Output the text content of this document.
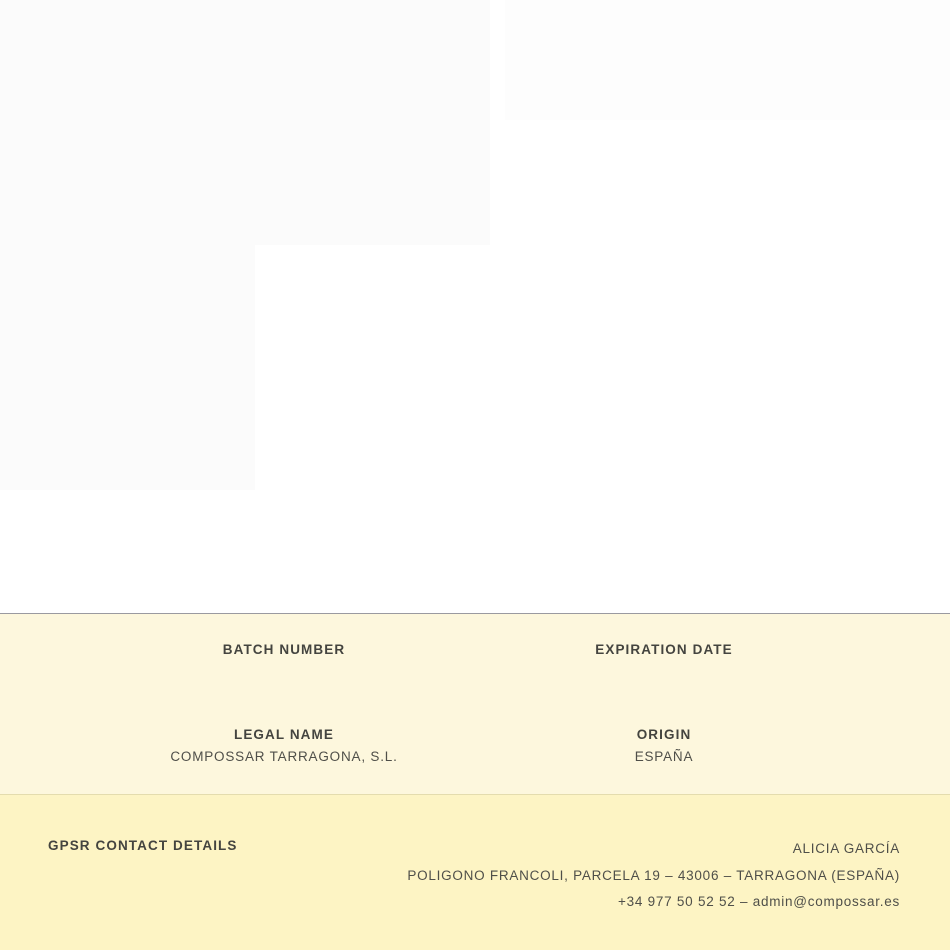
BATCH NUMBER	EXPIRATION DATE
LEGAL NAME
COMPOSSAR TARRAGONA, S.L.
ORIGIN
ESPAÑA
GPSR CONTACT DETAILS	ALICIA GARCÍA
POLIGONO FRANCOLI, PARCELA 19 – 43006 – TARRAGONA (ESPAÑA)
+34 977 50 52 52 – admin@compossar.es
